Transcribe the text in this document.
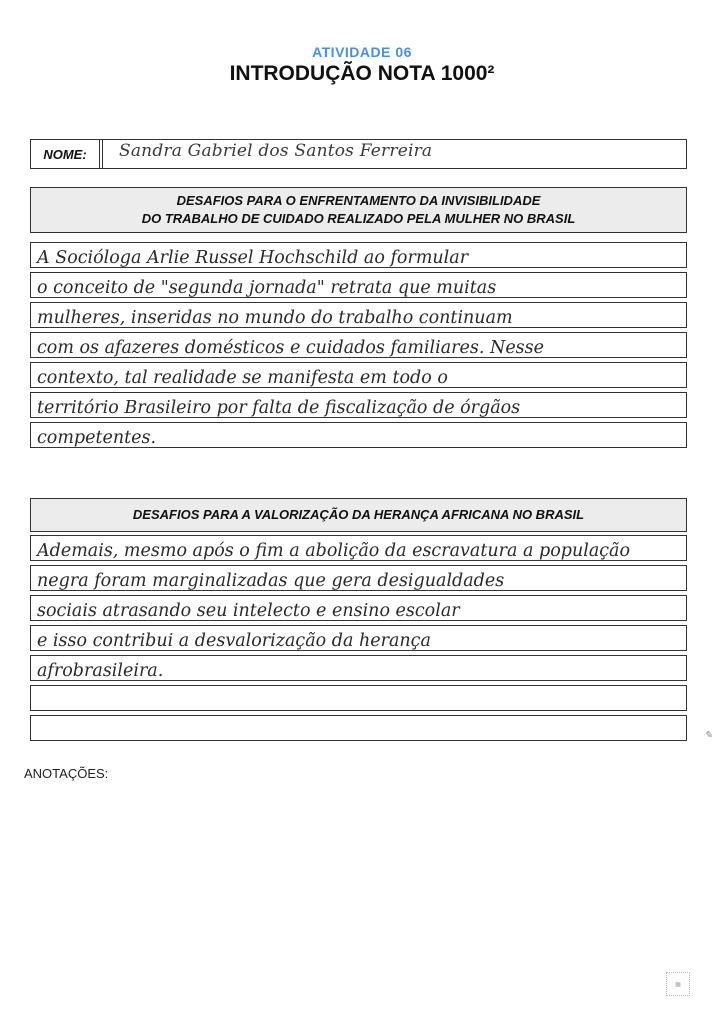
ATIVIDADE 06
INTRODUÇÃO NOTA 1000²
NOME:	Sandra Gabriel dos Santos Ferreira
DESAFIOS PARA O ENFRENTAMENTO DA INVISIBILIDADE
DO TRABALHO DE CUIDADO REALIZADO PELA MULHER NO BRASIL
A Socióloga Arlie Russel Hochschild ao formular
o conceito de "segunda jornada" retrata que muitas
mulheres, inseridas no mundo do trabalho continuam
com os afazeres domésticos e cuidados familiares. Nesse
contexto, tal realidade se manifesta em todo o
território Brasileiro por falta de fiscalização de órgãos
competentes.
DESAFIOS PARA A VALORIZAÇÃO DA HERANÇA AFRICANA NO BRASIL
Ademais, mesmo após o fim a abolição da escravatura a população
negra foram marginalizadas que gera desigualdades
sociais atrasando seu intelecto e ensino escolar
e isso contribui a desvalorização da herança
afrobrasileira.
ANOTAÇÕES:
✎
▦
